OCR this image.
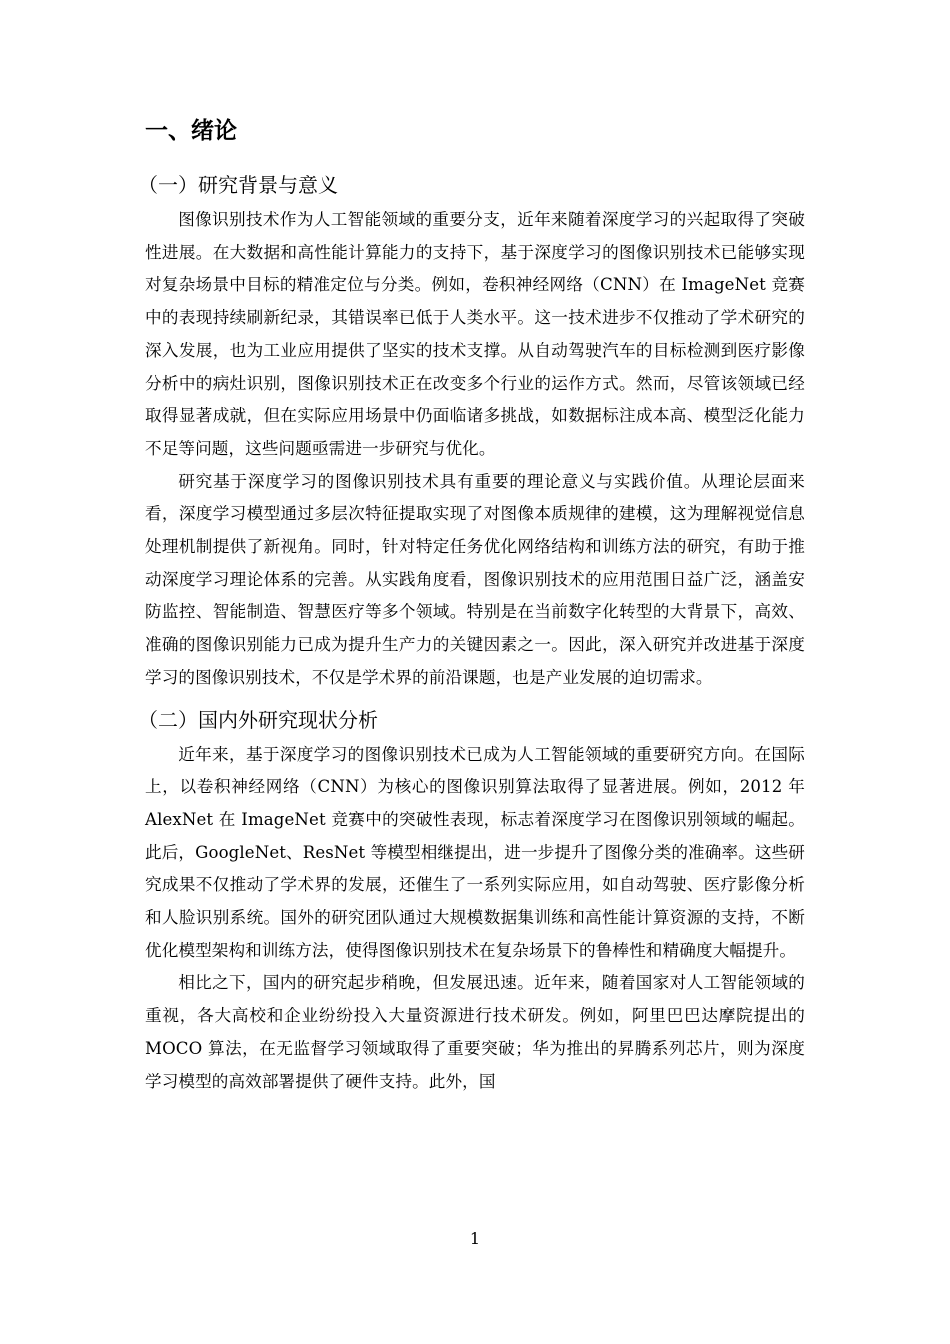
一、绪论
（一）研究背景与意义

图像识别技术作为人工智能领域的重要分支，近年来随着深度学习的兴起取得了突破性进展。在大数据和高性能计算能力的支持下，基于深度学习的图像识别技术已能够实现对复杂场景中目标的精准定位与分类。例如，卷积神经网络（CNN）在 ImageNet 竞赛中的表现持续刷新纪录，其错误率已低于人类水平。这一技术进步不仅推动了学术研究的深入发展，也为工业应用提供了坚实的技术支撑。从自动驾驶汽车的目标检测到医疗影像分析中的病灶识别，图像识别技术正在改变多个行业的运作方式。然而，尽管该领域已经取得显著成就，但在实际应用场景中仍面临诸多挑战，如数据标注成本高、模型泛化能力不足等问题，这些问题亟需进一步研究与优化。

研究基于深度学习的图像识别技术具有重要的理论意义与实践价值。从理论层面来看，深度学习模型通过多层次特征提取实现了对图像本质规律的建模，这为理解视觉信息处理机制提供了新视角。同时，针对特定任务优化网络结构和训练方法的研究，有助于推动深度学习理论体系的完善。从实践角度看，图像识别技术的应用范围日益广泛，涵盖安防监控、智能制造、智慧医疗等多个领域。特别是在当前数字化转型的大背景下，高效、准确的图像识别能力已成为提升生产力的关键因素之一。因此，深入研究并改进基于深度学习的图像识别技术，不仅是学术界的前沿课题，也是产业发展的迫切需求。

（二）国内外研究现状分析

近年来，基于深度学习的图像识别技术已成为人工智能领域的重要研究方向。在国际上，以卷积神经网络（CNN）为核心的图像识别算法取得了显著进展。例如，2012 年 AlexNet 在 ImageNet 竞赛中的突破性表现，标志着深度学习在图像识别领域的崛起。此后，GoogleNet、ResNet 等模型相继提出，进一步提升了图像分类的准确率。这些研究成果不仅推动了学术界的发展，还催生了一系列实际应用，如自动驾驶、医疗影像分析和人脸识别系统。国外的研究团队通过大规模数据集训练和高性能计算资源的支持，不断优化模型架构和训练方法，使得图像识别技术在复杂场景下的鲁棒性和精确度大幅提升。

相比之下，国内的研究起步稍晚，但发展迅速。近年来，随着国家对人工智能领域的重视，各大高校和企业纷纷投入大量资源进行技术研发。例如，阿里巴巴达摩院提出的 MOCO 算法，在无监督学习领域取得了重要突破；华为推出的昇腾系列芯片，则为深度学习模型的高效部署提供了硬件支持。此外，国

1
